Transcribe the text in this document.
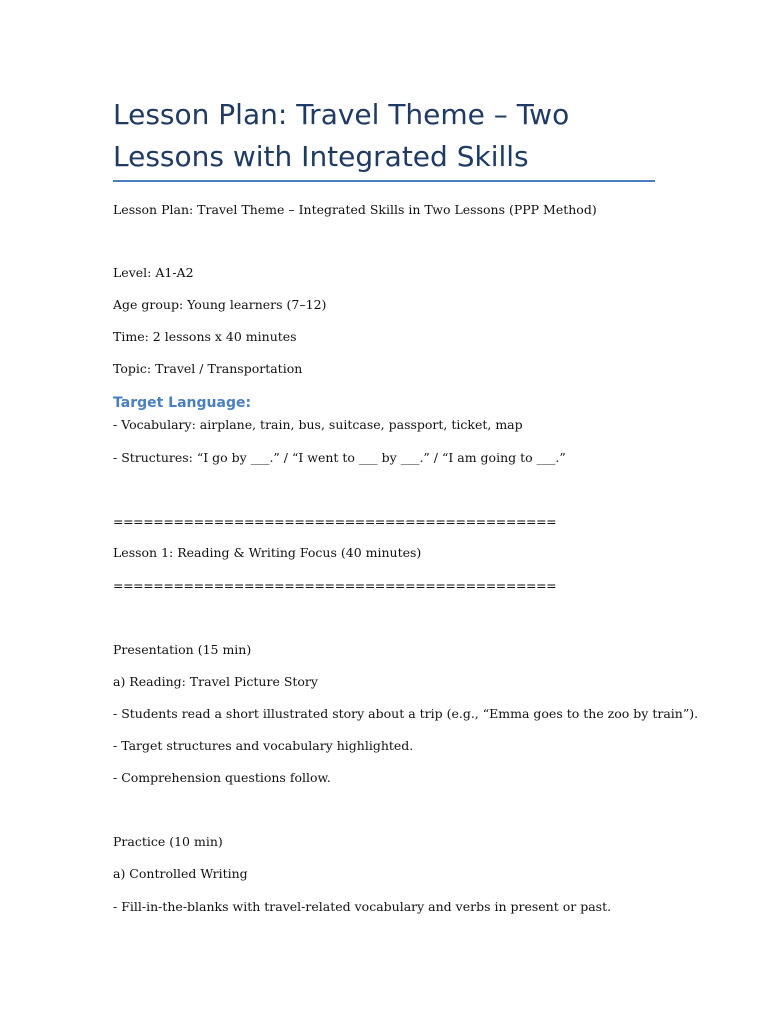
Lesson Plan: Travel Theme – Two Lessons with Integrated Skills

Lesson Plan: Travel Theme – Integrated Skills in Two Lessons (PPP Method)

Level: A1-A2

Age group: Young learners (7–12)

Time: 2 lessons x 40 minutes

Topic: Travel / Transportation

Target Language:

- Vocabulary: airplane, train, bus, suitcase, passport, ticket, map

- Structures: “I go by ___.” / “I went to ___ by ___.” / “I am going to ___.”

============================================

Lesson 1: Reading & Writing Focus (40 minutes)

============================================

Presentation (15 min)

a) Reading: Travel Picture Story

- Students read a short illustrated story about a trip (e.g., “Emma goes to the zoo by train”).

- Target structures and vocabulary highlighted.

- Comprehension questions follow.

Practice (10 min)

a) Controlled Writing

- Fill-in-the-blanks with travel-related vocabulary and verbs in present or past.
